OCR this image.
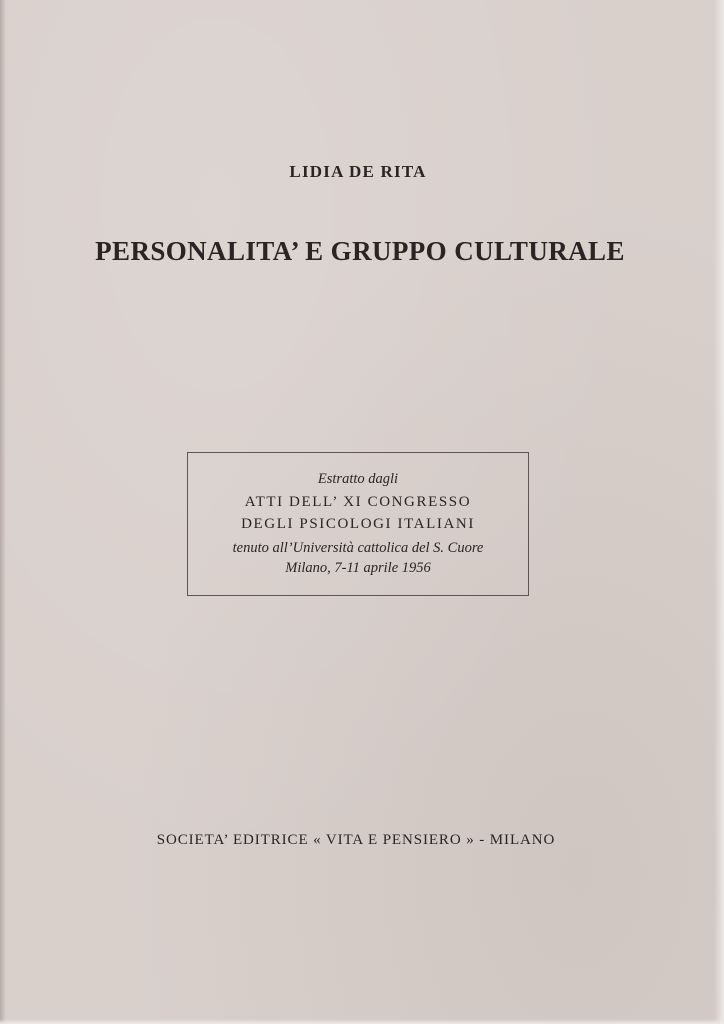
LIDIA DE RITA
PERSONALITA’ E GRUPPO CULTURALE
Estratto dagli
ATTI DELL’ XI CONGRESSO
DEGLI PSICOLOGI ITALIANI
tenuto all’Università cattolica del S. Cuore
Milano, 7-11 aprile 1956
SOCIETA’ EDITRICE « VITA E PENSIERO » - MILANO
